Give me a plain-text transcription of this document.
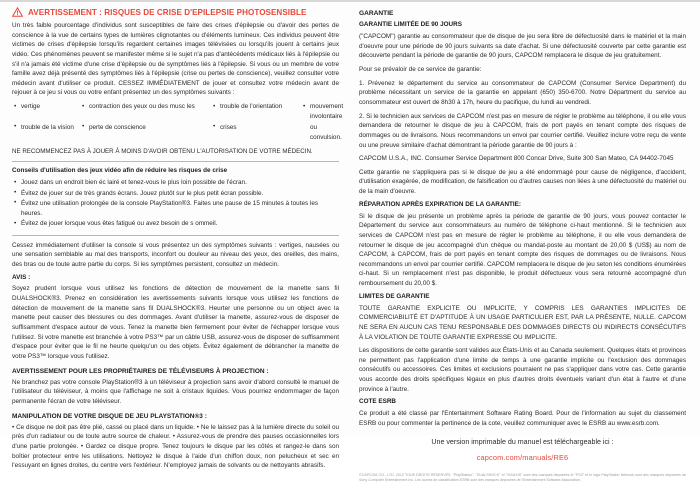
AVERTISSEMENT : RISQUES DE CRISE D'EPILEPSIE PHOTOSENSIBLE

Un très faible pourcentage d'individus sont susceptibles de faire des crises d'épilepsie ou d'avoir des pertes de conscience à la vue de certains types de lumières clignotantes ou d'éléments lumineux. Ces individus peuvent être victimes de crises d'épilepsie lorsqu'ils regardent certaines images télévisées ou lorsqu'ils jouent à certains jeux vidéo. Ces phénomènes peuvent se manifester même si le sujet n'a pas d'antécédents médicaux liés à l'épilepsie ou s'il n'a jamais été victime d'une crise d'épilepsie ou de symptômes liés à l'épilepsie. Si vous ou un membre de votre famille avez déjà présenté des symptômes liés à l'épilepsie (crise ou pertes de conscience), veuillez consulter votre médecin avant d'utiliser ce produit. CESSEZ IMMÉDIATEMENT de jouer et consultez votre médecin avant de rejouer à ce jeu si vous ou votre enfant présentez un des symptômes suivants :

• vertige	• contraction des yeux ou des musc les	• trouble de l'orientation	• mouvement involontaire
• trouble de la vision	• perte de conscience	• crises	ou convulsion.

NE RECOMMENCEZ PAS À JOUER À MOINS D'AVOIR OBTENU L'AUTORISATION DE VOTRE MÉDECIN.

Conseils d'utilisation des jeux vidéo afin de réduire les risques de crise
• Jouez dans un endroit bien éc lairé et tenez-vous le plus loin possible de l'écran.
• Évitez de jouer sur de très grands écrans. Jouez plutôt sur le plus petit écran possible.
• Évitez une utilisation prolongée de la console PlayStation®3. Faites une pause de 15 minutes à toutes les heures.
• Évitez de jouer lorsque vous êtes fatigué ou avez besoin de s ommeil.

Cessez immédiatement d'utiliser la console si vous présentez un des symptômes suivants : vertiges, nausées ou une sensation semblable au mal des transports, inconfort ou douleur au niveau des yeux, des oreilles, des mains, des bras ou de toute autre partie du corps. Si les symptômes persistent, consultez un médecin.

AVIS :

Soyez prudent lorsque vous utilisez les fonctions de détection de mouvement de la manette sans fil DUALSHOCK®3. Prenez en considération les avertissements suivants lorsque vous utilisez les fonctions de détection de mouvement de la manette sans fil DUALSHOCK®3. Heurter une personne ou un object avec la manette peut causer des blessures ou des dommages. Avant d'utiliser la manette, assurez-vous de disposer de suffisamment d'espace autour de vous. Tenez la manette bien fermement pour éviter de l'échapper lorsque vous l'utilisez. Si votre manette est branchée à votre PS3™ par un câble USB, assurez-vous de disposer de suffisamment d'espace pour éviter que le fil ne heurte quelqu'un ou des objets. Évitez également de débrancher la manette de votre PS3™ lorsque vous l'utilisez.

AVERTISSEMENT POUR LES PROPRIÉTAIRES DE TÉLÉVISEURS À PROJECTION :

Ne branchez pas votre console PlayStation®3 à un téléviseur à projection sans avoir d'abord consulté le manuel de l'utilisateur du téléviseur, à moins que l'affichage ne soit à cristaux liquides. Vous pourriez endommager de façon permanente l'écran de votre téléviseur.

MANIPULATION DE VOTRE DISQUE DE JEU PLAYSTATION®3 :

• Ce disque ne doit pas être plié, cassé ou placé dans un liquide. • Ne le laissez pas à la lumière directe du soleil ou près d'un radiateur ou de toute autre source de chaleur. • Assurez-vous de prendre des pauses occasionnelles lors d'une partie prolongée. • Gardez ce disque propre. Tenez toujours le disque par les côtés et rangez-le dans son boîtier protecteur entre les utilisations. Nettoyez le disque à l'aide d'un chiffon doux, non pelucheux et sec en l'essuyant en lignes droites, du centre vers l'extérieur. N'employez jamais de solvants ou de nettoyants abrasifs.

GARANTIE
GARANTIE LIMITÉE DE 90 JOURS

("CAPCOM") garantie au consommateur que de disque de jeu sera libre de défectuosité dans le matériel et la main d'oeuvre pour une période de 90 jours suivants sa date d'achat. Si une défectuosité couverte par cette garantie est découverte pendant la période de garantie de 90 jours, CAPCOM remplacera le disque de jeu gratuitement.

Pour se prévaloir de ce service de garantie:

1. Prévenez le département du service au consommateur de CAPCOM (Consumer Service Department) du problème nécessitant un service de la garantie en appelant (650) 350-6700. Notre Départment du service au consommateur est ouvert de 8h30 à 17h, heure du pacifique, du lundi au vendredi.

2. Si le technicien aux services de CAPCOM n'est pas en mesure de régler le problème au téléphone, il ou elle vous demandera de retourner le disque de jeu à CAPCOM, frais de port payés en tenant compte des risques de dommages ou de livraisons. Nous recommandons un envoi par courrier certifié. Veuillez inclure votre reçu de vente ou une preuve similaire d'achat démontrant la période garantie de 90 jours à :

CAPCOM U.S.A., INC. Consumer Service Department 800 Concar Drive, Suite 300 San Mateo, CA 94402-7045

Cette garantie ne s'appliquera pas si le disque de jeu a été endommagé pour cause de négligence, d'accident, d'utilisation exagérée, de modification, de falsification ou d'autres causes non liées à une défectuosité du matériel ou de la main d'oeuvre.

RÉPARATION APRÈS EXPIRATION DE LA GARANTIE:

Si le disque de jeu présente un problème après la période de garantie de 90 jours, vous pouvez contacter le Département du service aux consommateurs au numéro de téléphone ci-haut mentionné. Si le technicien aux services de CAPCOM n'est pas en mesure de régler le problème au téléphone, il ou elle vous demandera de retourner le disque de jeu accompagné d'un chèque ou mandat-poste au montant de 20,00 $ (US$) au nom de CAPCOM, à CAPCOM, frais de port payés en tenant compte des risques de dommages ou de livraisons. Nous recommandons un envoi par courrier certifié. CAPCOM remplacera le disque de jeu seton les conditions énumérées ci-haut. Si un remplacement n'est pas disponible, le produit défectueux vous sera retourné accompagné d'un remboursement du 20,00 $.

LIMITES DE GARANTIE

TOUTE GARANTIE EXPLICITE OU IMPLICITE, Y COMPRIS LES GARANTIES IMPLICITES DE COMMERCIABILITÉ ET D'APTITUDE À UN USAGE PARTICULIER EST, PAR LA PRÉSENTE, NULLE. CAPCOM NE SERA EN AUCUN CAS TENU RESPONSABLE DES DOMMAGES DIRECTS OU INDIRECTS CONSÉCUTIFS À LA VIOLATION DE TOUTE GARANTIE EXPRESSE OU IMPLICITE.

Les dispositions de cette garantie sont valides aux États-Unis et au Canada seulement. Quelques états et provinces ne permettent pas l'application d'une limite de temps à une garantie implicite ou l'exclusion des dommages consécutifs ou accessoires. Ces limites et exclusions pourraient ne pas s'appliquer dans votre cas. Cette garantie vous accorde des droits spécifiques légaux en plus d'autres droits éventuels variant d'un état à l'autre et d'une province à l'autre.

COTE ESRB

Ce produit a été classé par l'Entertainment Software Rating Board. Pour de l'information au sujet du classement ESRB ou pour commenter la pertinence de la cote, veuillez communiquer avec le ESRB au www.esrb.com.

Une version imprimable du manuel est téléchargeable ici :
capcom.com/manuals/RE6

©CAPCOM CO., LTD. 2012 TOUS DROITS RÉSERVÉS. "PlayStation", "DUALSHOCK" et "SIXAXIS" sont des marques déposées et "PS3" et le logo PlayStation Network sont des marques déposées de Sony Computer Entertainment Inc. Les icones de classification ESRB sont des marques déposées de l'Entertainment Software Association.
